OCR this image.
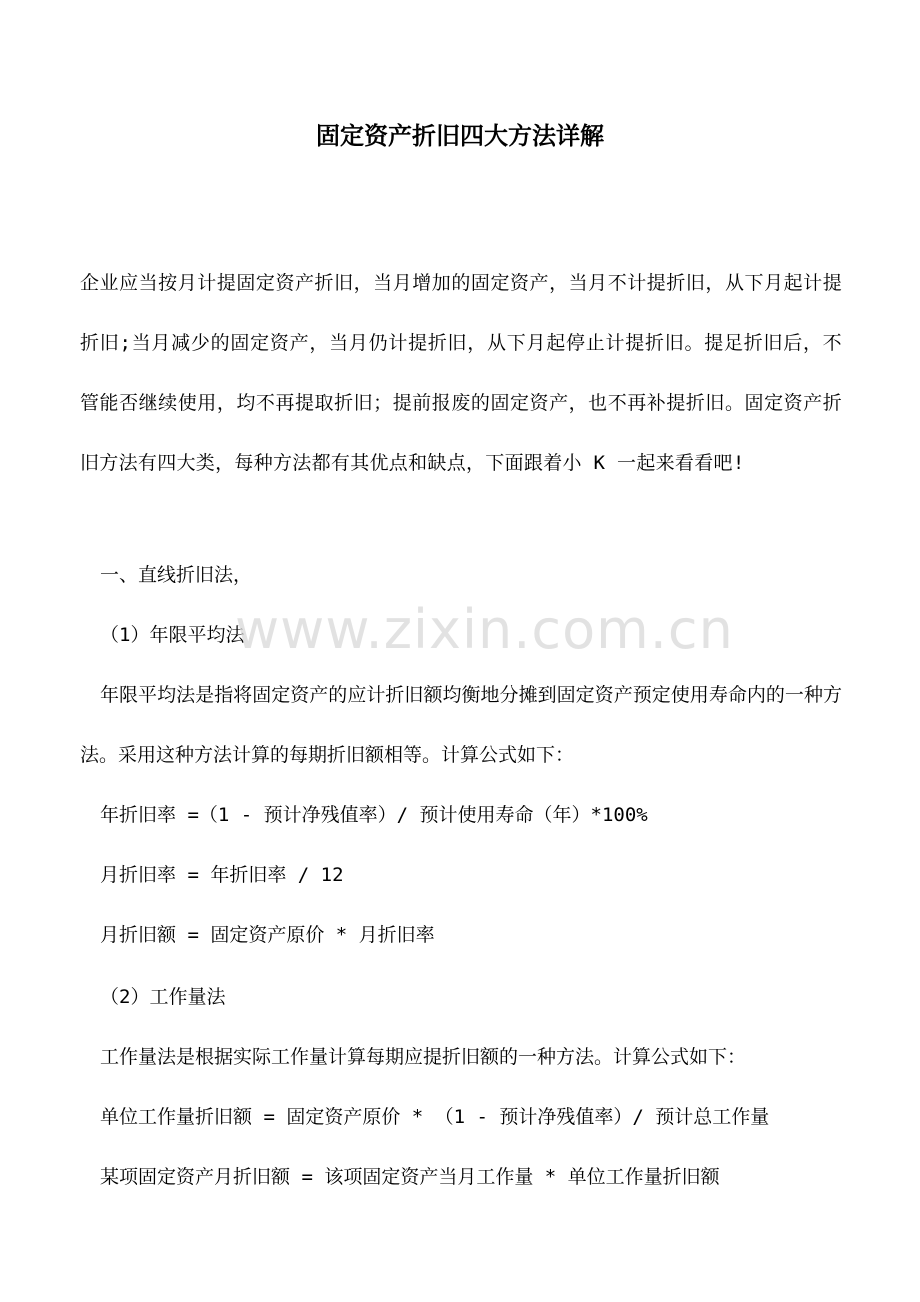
固定资产折旧四大方法详解

企业应当按月计提固定资产折旧，当月增加的固定资产，当月不计提折旧，从下月起计提折旧;当月减少的固定资产，当月仍计提折旧，从下月起停止计提折旧。提足折旧后，不管能否继续使用，均不再提取折旧；提前报废的固定资产，也不再补提折旧。固定资产折旧方法有四大类，每种方法都有其优点和缺点，下面跟着小 K 一起来看看吧!

一、直线折旧法，

（1）年限平均法

年限平均法是指将固定资产的应计折旧额均衡地分摊到固定资产预定使用寿命内的一种方法。采用这种方法计算的每期折旧额相等。计算公式如下：

年折旧率 =（1 - 预计净残值率）/ 预计使用寿命（年）*100%

月折旧率 = 年折旧率 / 12

月折旧额 = 固定资产原价 * 月折旧率

（2）工作量法

工作量法是根据实际工作量计算每期应提折旧额的一种方法。计算公式如下：

单位工作量折旧额 = 固定资产原价 * （1 - 预计净残值率）/ 预计总工作量

某项固定资产月折旧额 = 该项固定资产当月工作量 * 单位工作量折旧额

www.zixin.com.cn
